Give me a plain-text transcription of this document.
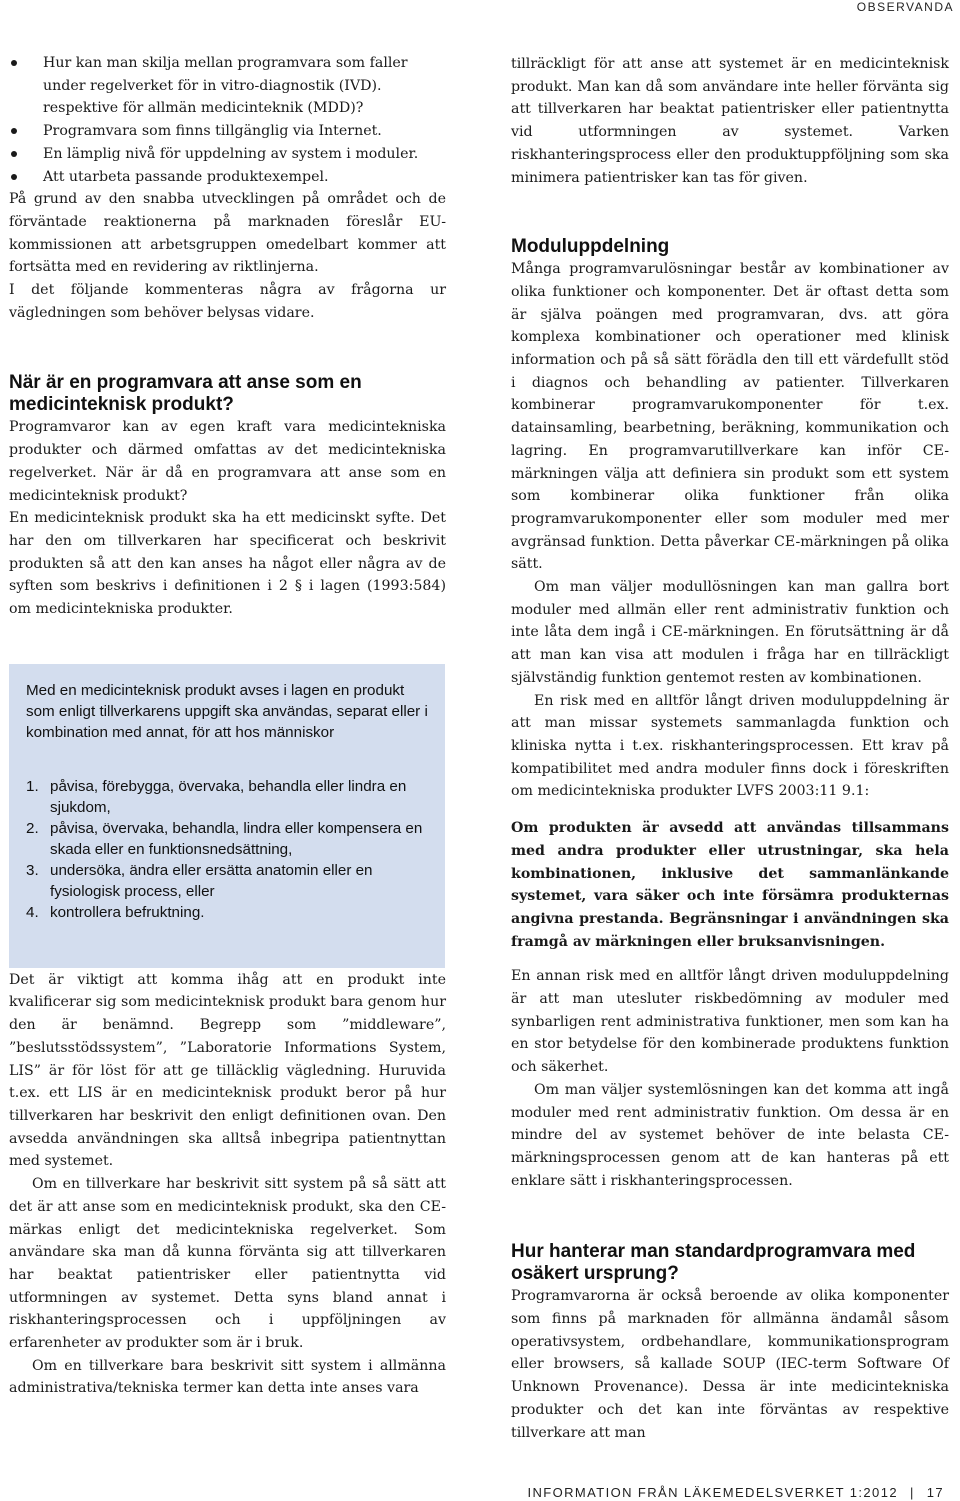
OBSERVANDA
Hur kan man skilja mellan programvara som faller under regelverket för in vitro-diagnostik (IVD). respektive för allmän medicinteknik (MDD)?
Programvara som finns tillgänglig via Internet.
En lämplig nivå för uppdelning av system i moduler.
Att utarbeta passande produktexempel.

På grund av den snabba utvecklingen på området och de förväntade reaktionerna på marknaden föreslår EU-kommissionen att arbetsgruppen omedelbart kommer att fortsätta med en revidering av riktlinjerna.

I det följande kommenteras några av frågorna ur vägledningen som behöver belysas vidare.

När är en programvara att anse som en medicinteknisk produkt?

Programvaror kan av egen kraft vara medicintekniska produkter och därmed omfattas av det medicintekniska regelverket. När är då en programvara att anse som en medicinteknisk produkt?

En medicinteknisk produkt ska ha ett medicinskt syfte. Det har den om tillverkaren har specificerat och beskrivit produkten så att den kan anses ha något eller några av de syften som beskrivs i definitionen i 2 § i lagen (1993:584) om medicintekniska produkter.

Det är viktigt att komma ihåg att en produkt inte kvalificerar sig som medicinteknisk produkt bara genom hur den är benämnd. Begrepp som ”middleware”, ”beslutsstödssystem”, ”Laboratorie Informations System, LIS” är för löst för att ge tilläcklig vägledning. Huruvida t.ex. ett LIS är en medicinteknisk produkt beror på hur tillverkaren har beskrivit den enligt definitionen ovan. Den avsedda användningen ska alltså inbegripa patientnyttan med systemet.

Om en tillverkare har beskrivit sitt system på så sätt att det är att anse som en medicinteknisk produkt, ska den CE-märkas enligt det medicintekniska regelverket. Som användare ska man då kunna förvänta sig att tillverkaren har beaktat patientrisker eller patientnytta vid utformningen av systemet. Detta syns bland annat i riskhanteringsprocessen och i uppföljningen av erfarenheter av produkter som är i bruk.

Om en tillverkare bara beskrivit sitt system i allmänna administrativa/tekniska termer kan detta inte anses vara

Med en medicinteknisk produkt avses i lagen en produkt som enligt tillverkarens uppgift ska användas, separat eller i kombination med annat, för att hos människor
1. påvisa, förebygga, övervaka, behandla eller lindra en sjukdom,
2. påvisa, övervaka, behandla, lindra eller kompensera en skada eller en funktionsnedsättning,
3. undersöka, ändra eller ersätta anatomin eller en fysiologisk process, eller
4. kontrollera befruktning.

tillräckligt för att anse att systemet är en medicinteknisk produkt. Man kan då som användare inte heller förvänta sig att tillverkaren har beaktat patientrisker eller patientnytta vid utformningen av systemet. Varken riskhanteringsprocess eller den produktuppföljning som ska minimera patientrisker kan tas för given.

Moduluppdelning

Många programvarulösningar består av kombinationer av olika funktioner och komponenter. Det är oftast detta som är själva poängen med programvaran, dvs. att göra komplexa kombinationer och operationer med klinisk information och på så sätt förädla den till ett värdefullt stöd i diagnos och behandling av patienter. Tillverkaren kombinerar programvarukomponenter för t.ex. datainsamling, bearbetning, beräkning, kommunikation och lagring. En programvarutillverkare kan inför CE-märkningen välja att definiera sin produkt som ett system som kombinerar olika funktioner från olika programvarukomponenter eller som moduler med mer avgränsad funktion. Detta påverkar CE-märkningen på olika sätt.

Om man väljer modullösningen kan man gallra bort moduler med allmän eller rent administrativ funktion och inte låta dem ingå i CE-märkningen. En förutsättning är då att man kan visa att modulen i fråga har en tillräckligt självständig funktion gentemot resten av kombinationen.

En risk med en alltför långt driven moduluppdelning är att man missar systemets sammanlagda funktion och kliniska nytta i t.ex. riskhanteringsprocessen. Ett krav på kompatibilitet med andra moduler finns dock i föreskriften om medicintekniska produkter LVFS 2003:11 9.1:

Om produkten är avsedd att användas tillsammans med andra produkter eller utrustningar, ska hela kombinationen, inklusive det sammanlänkande systemet, vara säker och inte försämra produkternas angivna prestanda. Begränsningar i användningen ska framgå av märkningen eller bruksanvisningen.

En annan risk med en alltför långt driven moduluppdelning är att man utesluter riskbedömning av moduler med synbarligen rent administrativa funktioner, men som kan ha en stor betydelse för den kombinerade produktens funktion och säkerhet.

Om man väljer systemlösningen kan det komma att ingå moduler med rent administrativ funktion. Om dessa är en mindre del av systemet behöver de inte belasta CE-märkningsprocessen genom att de kan hanteras på ett enklare sätt i riskhanteringsprocessen.

Hur hanterar man standardprogramvara med osäkert ursprung?

Programvarorna är också beroende av olika komponenter som finns på marknaden för allmänna ändamål såsom operativsystem, ordbehandlare, kommunikationsprogram eller browsers, så kallade SOUP (IEC-term Software Of Unknown Provenance). Dessa är inte medicintekniska produkter och det kan inte förväntas av respektive tillverkare att man

INFORMATION FRÅN LÄKEMEDELSVERKET 1:2012 | 17
